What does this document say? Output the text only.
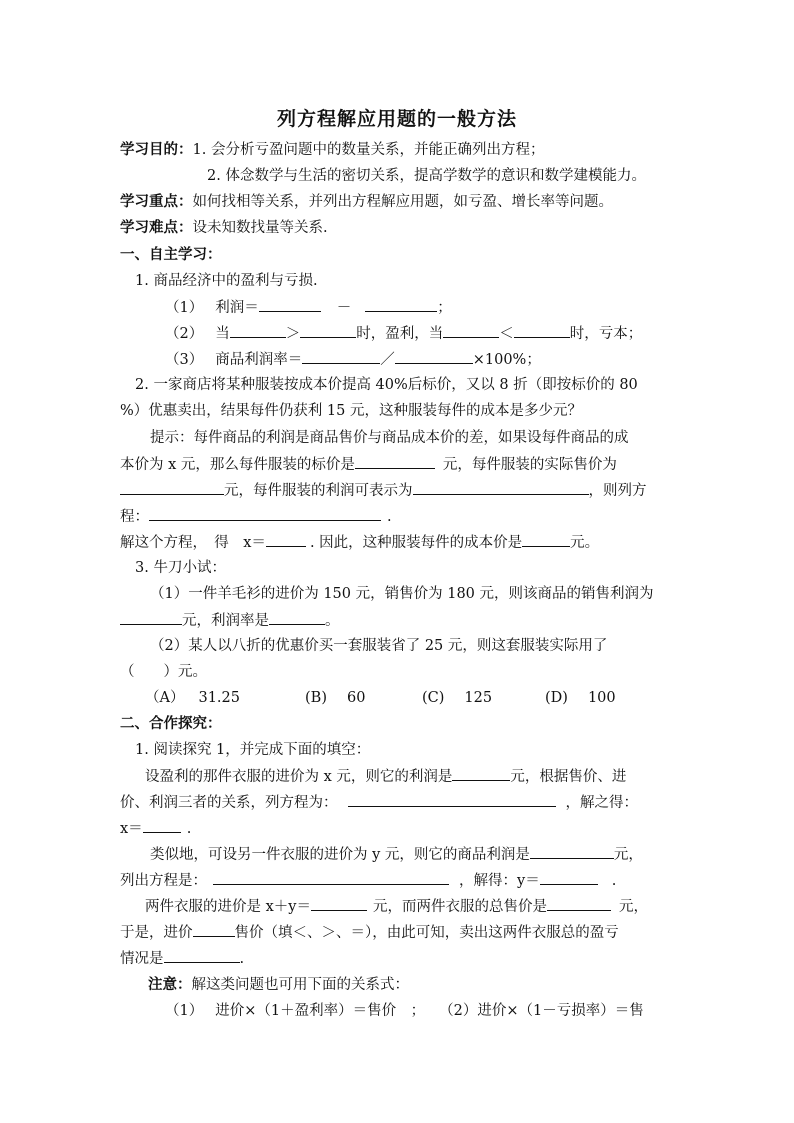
列方程解应用题的一般方法
学习目的：1. 会分析亏盈问题中的数量关系，并能正确列出方程；
2. 体念数学与生活的密切关系，提高学数学的意识和数学建模能力。
学习重点：如何找相等关系，并列出方程解应用题，如亏盈、增长率等问题。
学习难点：设未知数找量等关系.
一、自主学习：
1. 商品经济中的盈利与亏损.
（1） 利润＝	－	；
（2） 当	＞	时，盈利，当	＜	时，亏本；
（3） 商品利润率＝	／	×100%；
2. 一家商店将某种服装按成本价提高 40%后标价，又以 8 折（即按标价的 80
%）优惠卖出，结果每件仍获利 15 元，这种服装每件的成本是多少元？
提示：每件商品的利润是商品售价与商品成本价的差，如果设每件商品的成
本价为 x 元，那么每件服装的标价是	元，每件服装的实际售价为
元，每件服装的利润可表示为	，则列方
程：	.
解这个方程，　得　x＝	. 因此，这种服装每件的成本价是	元。
3. 牛刀小试：
（1）一件羊毛衫的进价为 150 元，销售价为 180 元，则该商品的销售利润为
元，利润率是	。
（2）某人以八折的优惠价买一套服装省了 25 元，则这套服装实际用了
（　　）元。
（A） 31.25	(B) 60	(C) 125	(D) 100
二、合作探究：
1. 阅读探究 1，并完成下面的填空：
设盈利的那件衣服的进价为 x 元，则它的利润是	元，根据售价、进
价、利润三者的关系，列方程为：	，解之得：
x＝	.
类似地，可设另一件衣服的进价为 y 元，则它的商品利润是	元，
列出方程是：	，解得：y＝	.
两件衣服的进价是 x＋y＝	元，而两件衣服的总售价是	元，
于是，进价	售价（填＜、＞、＝），由此可知，卖出这两件衣服总的盈亏
情况是	.
注意：解这类问题也可用下面的关系式：
（1） 进价×（1＋盈利率）＝售价　； （2）进价×（1－亏损率）＝售
